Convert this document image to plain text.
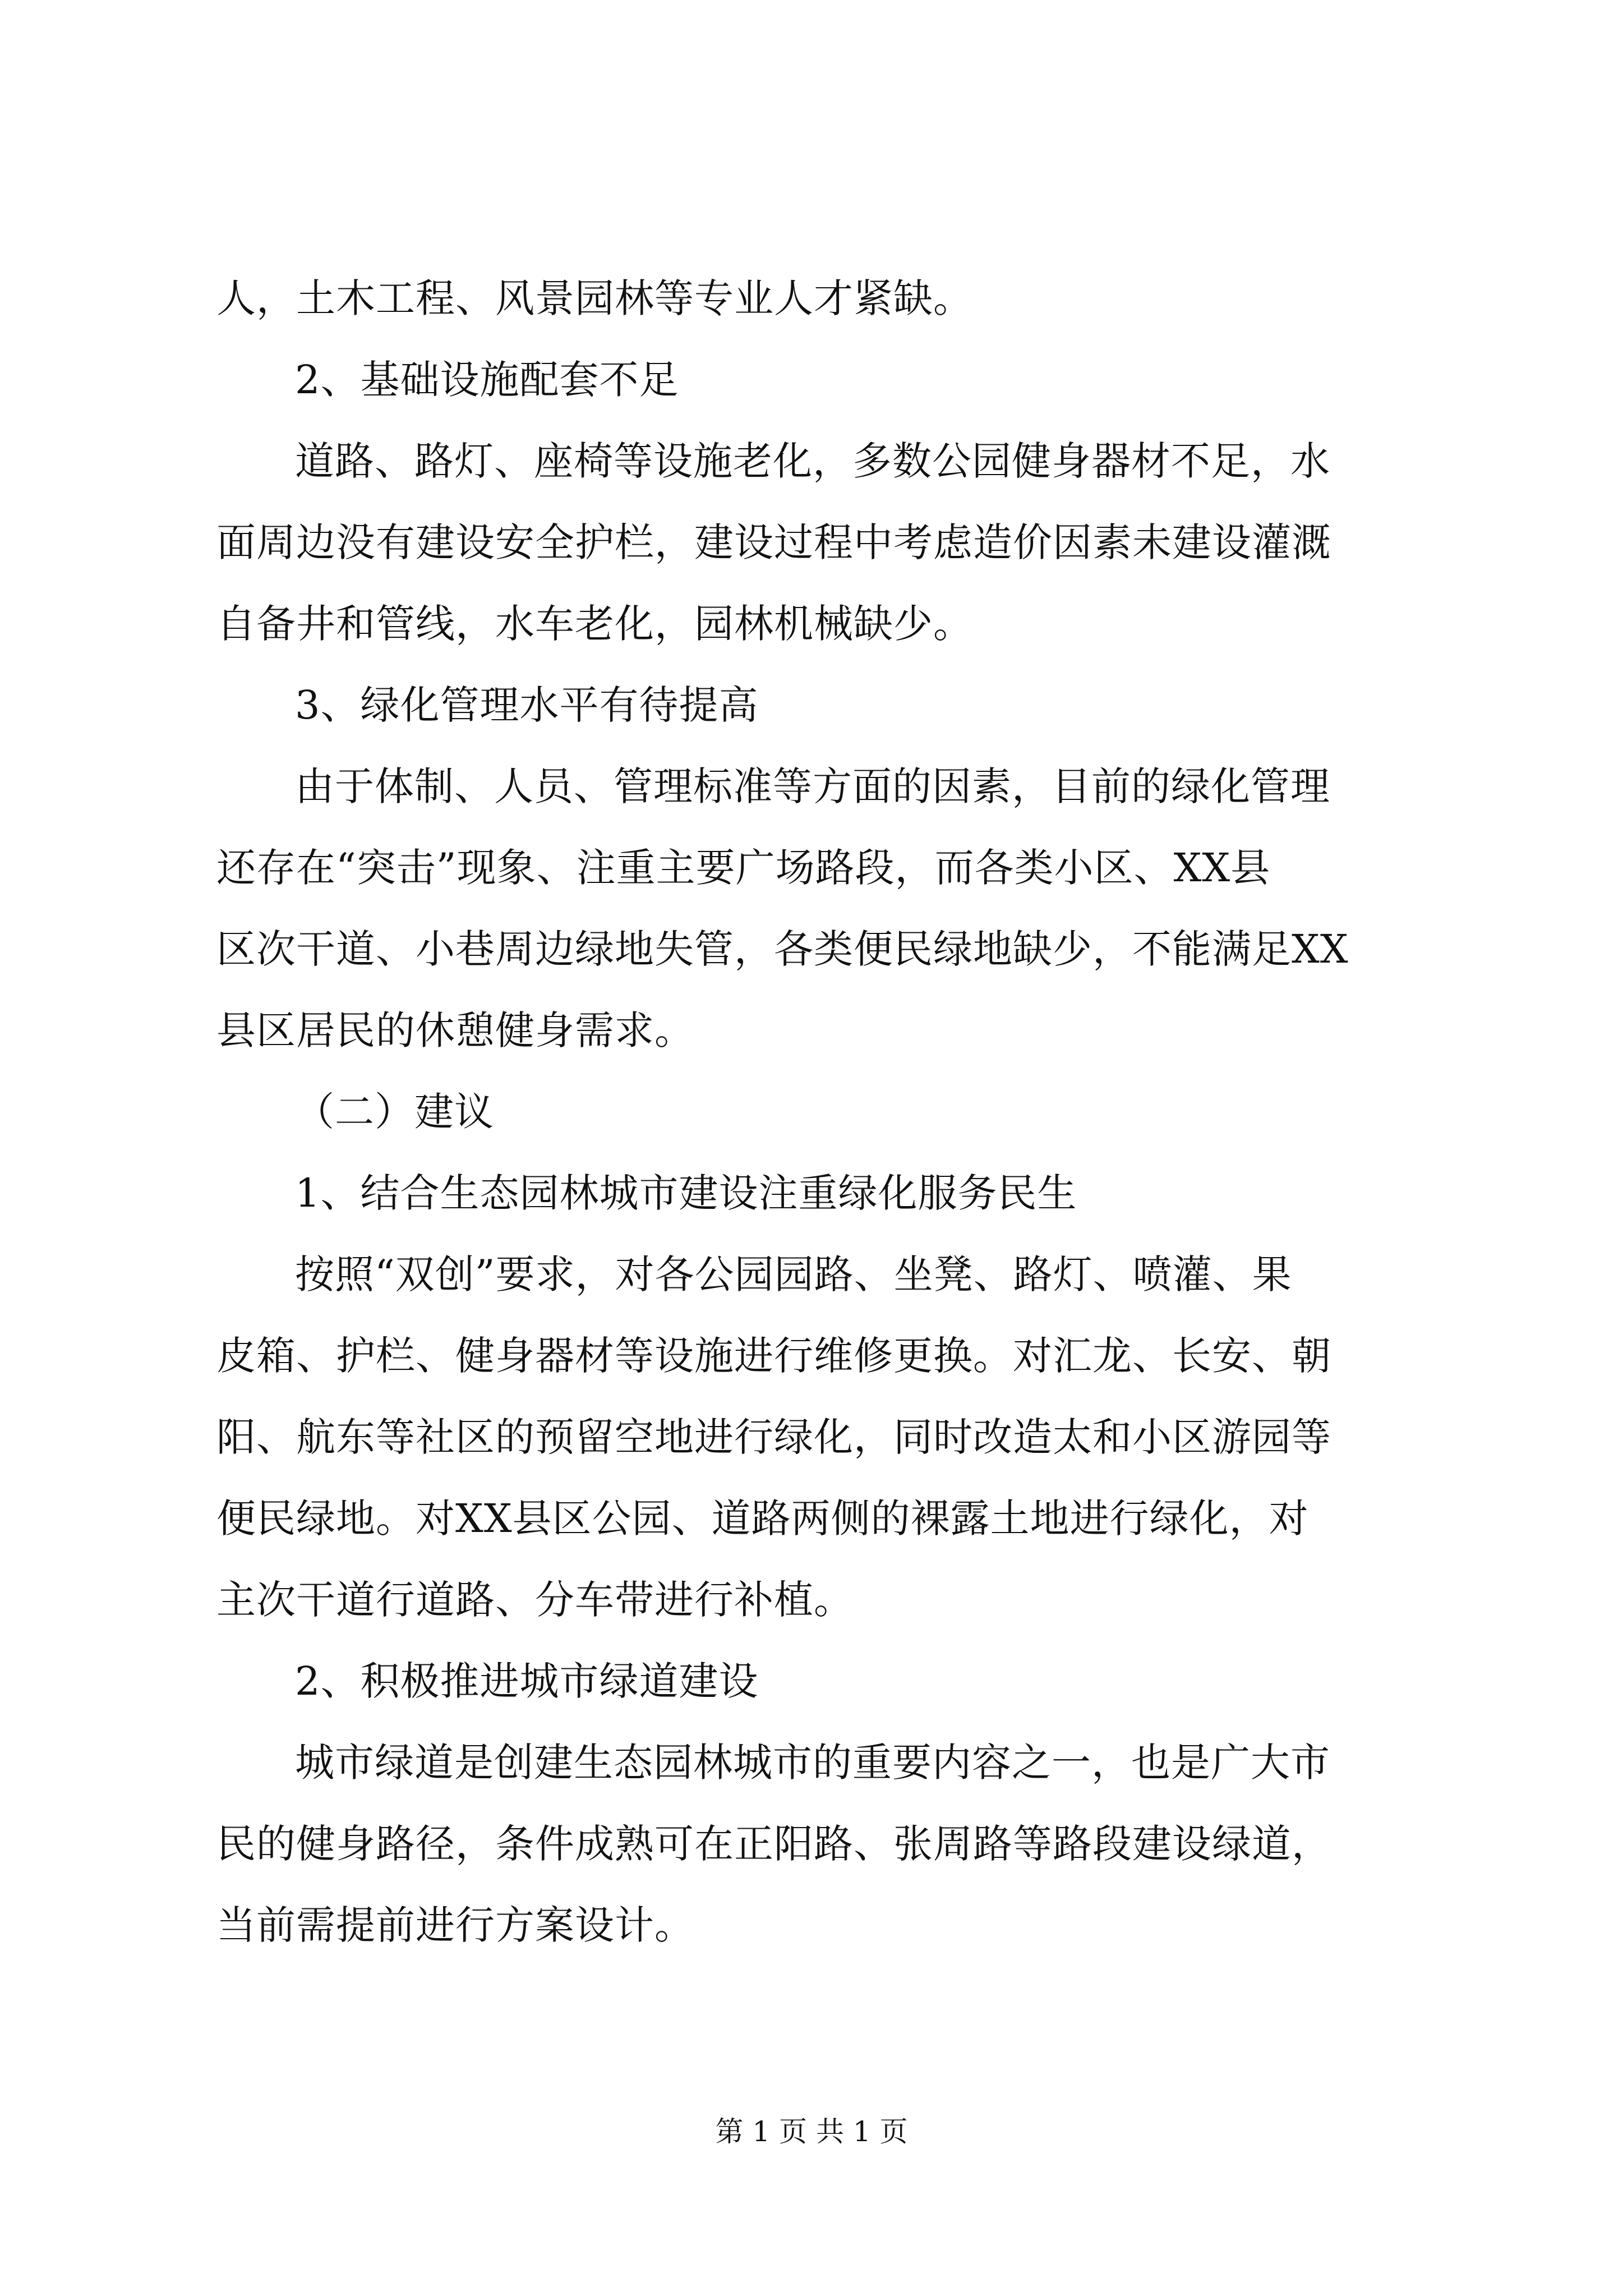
人，土木工程、风景园林等专业人才紧缺。
2、基础设施配套不足
道路、路灯、座椅等设施老化，多数公园健身器材不足，水
面周边没有建设安全护栏，建设过程中考虑造价因素未建设灌溉
自备井和管线，水车老化，园林机械缺少。
3、绿化管理水平有待提高
由于体制、人员、管理标准等方面的因素，目前的绿化管理
还存在“突击”现象、注重主要广场路段，而各类小区、XX县
区次干道、小巷周边绿地失管，各类便民绿地缺少，不能满足XX
县区居民的休憩健身需求。
（二）建议
1、结合生态园林城市建设注重绿化服务民生
按照“双创”要求，对各公园园路、坐凳、路灯、喷灌、果
皮箱、护栏、健身器材等设施进行维修更换。对汇龙、长安、朝
阳、航东等社区的预留空地进行绿化，同时改造太和小区游园等
便民绿地。对XX县区公园、道路两侧的裸露土地进行绿化，对
主次干道行道路、分车带进行补植。
2、积极推进城市绿道建设
城市绿道是创建生态园林城市的重要内容之一，也是广大市
民的健身路径，条件成熟可在正阳路、张周路等路段建设绿道，
当前需提前进行方案设计。
第 1 页 共 1 页
